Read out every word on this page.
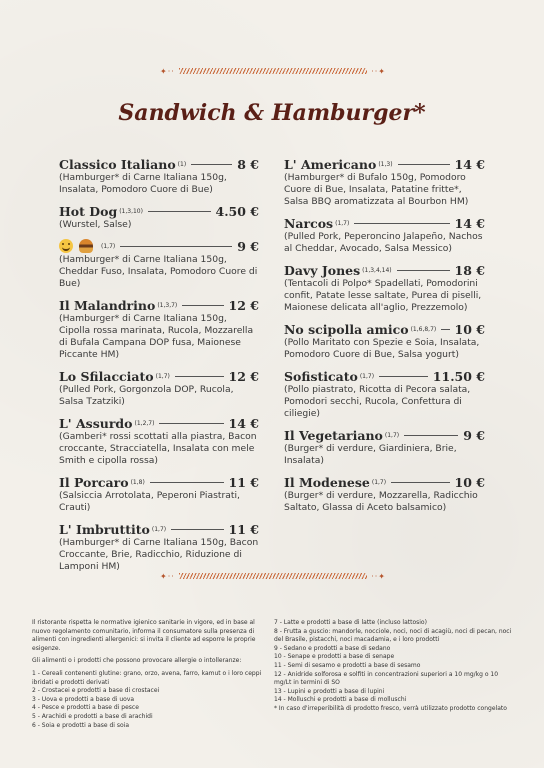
✦··	··✦
Sandwich & Hamburger*
Classico Italiano (1)	8 €
(Hamburger* di Carne Italiana 150g, Insalata, Pomodoro Cuore di Bue)
Hot Dog (1,3,10)	4.50 €
(Wurstel, Salse)
(1,7)	9 €
(Hamburger* di Carne Italiana 150g, Cheddar Fuso, Insalata, Pomodoro Cuore di Bue)
Il Malandrino (1,3,7)	12 €
(Hamburger* di Carne Italiana 150g, Cipolla rossa marinata, Rucola, Mozzarella di Bufala Campana DOP fusa, Maionese Piccante HM)
Lo Sfilacciato (1,7)	12 €
(Pulled Pork, Gorgonzola DOP, Rucola, Salsa Tzatziki)
L' Assurdo (1,2,7)	14 €
(Gamberi* rossi scottati alla piastra, Bacon croccante, Stracciatella, Insalata con mele Smith e cipolla rossa)
Il Porcaro (1,8)	11 €
(Salsiccia Arrotolata, Peperoni Piastrati, Crauti)
L' Imbruttito (1,7)	11 €
(Hamburger* di Carne Italiana 150g, Bacon Croccante, Brie, Radicchio, Riduzione di Lamponi HM)
L' Americano (1,3)	14 €
(Hamburger* di Bufalo 150g, Pomodoro Cuore di Bue, Insalata, Patatine fritte*, Salsa BBQ aromatizzata al Bourbon HM)
Narcos (1,7)	14 €
(Pulled Pork, Peperoncino Jalapeño, Nachos al Cheddar, Avocado, Salsa Messico)
Davy Jones (1,3,4,14)	18 €
(Tentacoli di Polpo* Spadellati, Pomodorini confit, Patate lesse saltate, Purea di piselli, Maionese delicata all'aglio, Prezzemolo)
No scipolla amico (1,6,8,7) 10 €
(Pollo Maritato con Spezie e Soia, Insalata, Pomodoro Cuore di Bue, Salsa yogurt)
Sofisticato (1,7)	11.50 €
(Pollo piastrato, Ricotta di Pecora salata, Pomodori secchi, Rucola, Confettura di ciliegie)
Il Vegetariano (1,7)	9 €
(Burger* di verdure, Giardiniera, Brie, Insalata)
Il Modenese (1,7)	10 €
(Burger* di verdure, Mozzarella, Radicchio Saltato, Glassa di Aceto balsamico)
✦··	··✦

Il ristorante rispetta le normative igienico sanitarie in vigore, ed in base al nuovo regolamento comunitario, informa il consumatore sulla presenza di alimenti con ingredienti allergenici: si invita il cliente ad esporre le proprie esigenze.

Gli alimenti o i prodotti che possono provocare allergie o intolleranze:

1 - Cereali contenenti glutine: grano, orzo, avena, farro, kamut o i loro ceppi ibridati e prodotti derivati

2 - Crostacei e prodotti a base di crostacei

3 - Uova e prodotti a base di uova

4 - Pesce e prodotti a base di pesce

5 - Arachidi e prodotti a base di arachidi

6 - Soia e prodotti a base di soia

7 - Latte e prodotti a base di latte (incluso lattosio)

8 - Frutta a guscio: mandorle, nocciole, noci, noci di acagiù, noci di pecan, noci del Brasile, pistacchi, noci macadamia, e i loro prodotti

9 - Sedano e prodotti a base di sedano

10 - Senape e prodotti a base di senape

11 - Semi di sesamo e prodotti a base di sesamo

12 - Anidride solforosa e solfiti in concentrazioni superiori a 10 mg/kg o 10 mg/Lt in termini di SO

13 - Lupini e prodotti a base di lupini

14 - Molluschi e prodotti a base di molluschi

* In caso d'irreperibilità di prodotto fresco, verrà utilizzato prodotto congelato
